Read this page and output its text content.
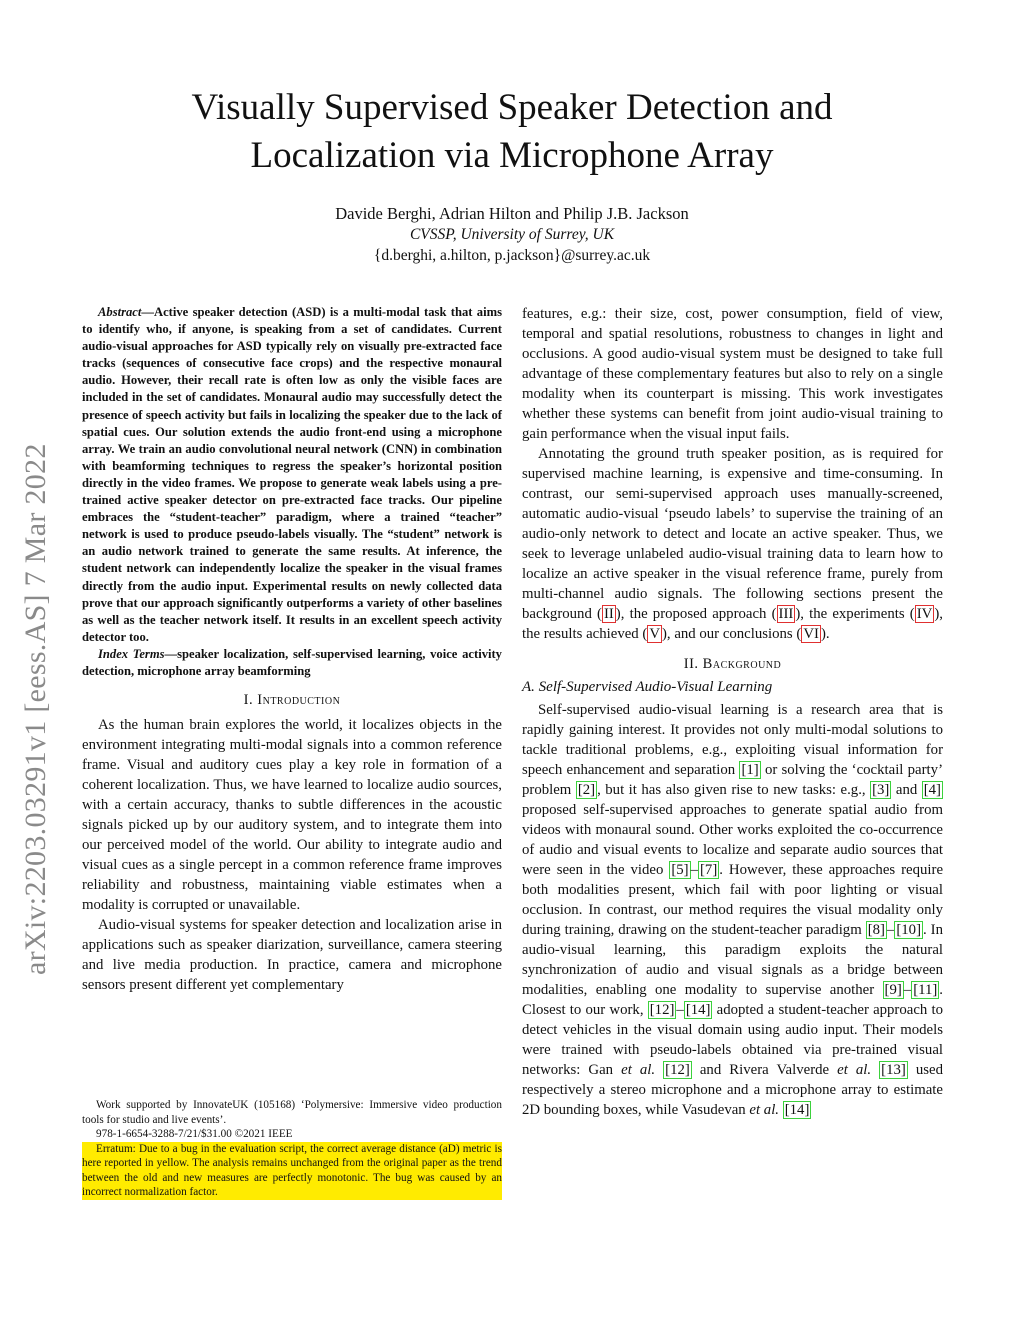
arXiv:2203.03291v1 [eess.AS] 7 Mar 2022
Visually Supervised Speaker Detection and
Localization via Microphone Array
Davide Berghi, Adrian Hilton and Philip J.B. Jackson
CVSSP, University of Surrey, UK
{d.berghi, a.hilton, p.jackson}@surrey.ac.uk

Abstract—Active speaker detection (ASD) is a multi-modal task that aims to identify who, if anyone, is speaking from a set of candidates. Current audio-visual approaches for ASD typically rely on visually pre-extracted face tracks (sequences of consecutive face crops) and the respective monaural audio. However, their recall rate is often low as only the visible faces are included in the set of candidates. Monaural audio may successfully detect the presence of speech activity but fails in localizing the speaker due to the lack of spatial cues. Our solution extends the audio front-end using a microphone array. We train an audio convolutional neural network (CNN) in combination with beamforming techniques to regress the speaker’s horizontal position directly in the video frames. We propose to generate weak labels using a pre-trained active speaker detector on pre-extracted face tracks. Our pipeline embraces the “student-teacher” paradigm, where a trained “teacher” network is used to produce pseudo-labels visually. The “student” network is an audio network trained to generate the same results. At inference, the student network can independently localize the speaker in the visual frames directly from the audio input. Experimental results on newly collected data prove that our approach significantly outperforms a variety of other baselines as well as the teacher network itself. It results in an excellent speech activity detector too.

Index Terms—speaker localization, self-supervised learning, voice activity detection, microphone array beamforming

I. Introduction

As the human brain explores the world, it localizes objects in the environment integrating multi-modal signals into a common reference frame. Visual and auditory cues play a key role in formation of a coherent localization. Thus, we have learned to localize audio sources, with a certain accuracy, thanks to subtle differences in the acoustic signals picked up by our auditory system, and to integrate them into our perceived model of the world. Our ability to integrate audio and visual cues as a single percept in a common reference frame improves reliability and robustness, maintaining viable estimates when a modality is corrupted or unavailable.

Audio-visual systems for speaker detection and localization arise in applications such as speaker diarization, surveillance, camera steering and live media production. In practice, camera and microphone sensors present different yet complementary

Work supported by InnovateUK (105168) ‘Polymersive: Immersive video production tools for studio and live events’.

978-1-6654-3288-7/21/$31.00 ©2021 IEEE

Erratum: Due to a bug in the evaluation script, the correct average distance (aD) metric is here reported in yellow. The analysis remains unchanged from the original paper as the trend between the old and new measures are perfectly monotonic. The bug was caused by an incorrect normalization factor.

features, e.g.: their size, cost, power consumption, field of view, temporal and spatial resolutions, robustness to changes in light and occlusions. A good audio-visual system must be designed to take full advantage of these complementary features but also to rely on a single modality when its counterpart is missing. This work investigates whether these systems can benefit from joint audio-visual training to gain performance when the visual input fails.

Annotating the ground truth speaker position, as is required for supervised machine learning, is expensive and time-consuming. In contrast, our semi-supervised approach uses manually-screened, automatic audio-visual ‘pseudo labels’ to supervise the training of an audio-only network to detect and locate an active speaker. Thus, we seek to leverage unlabeled audio-visual training data to learn how to localize an active speaker in the visual reference frame, purely from multi-channel audio signals. The following sections present the background ( II ), the proposed approach ( III ), the experiments ( IV ), the results achieved ( V ), and our conclusions ( VI ).

II. Background
A. Self-Supervised Audio-Visual Learning

Self-supervised audio-visual learning is a research area that is rapidly gaining interest. It provides not only multi-modal solutions to tackle traditional problems, e.g., exploiting visual information for speech enhancement and separation [1] or solving the ‘cocktail party’ problem [2] , but it has also given rise to new tasks: e.g., [3] and [4] proposed self-supervised approaches to generate spatial audio from videos with monaural sound. Other works exploited the co-occurrence of audio and visual events to localize and separate audio sources that were seen in the video [5] – [7] . However, these approaches require both modalities present, which fail with poor lighting or visual occlusion. In contrast, our method requires the visual modality only during training, drawing on the student-teacher paradigm [8] – [10] . In audio-visual learning, this paradigm exploits the natural synchronization of audio and visual signals as a bridge between modalities, enabling one modality to supervise another [9] – [11] . Closest to our work, [12] – [14] adopted a student-teacher approach to detect vehicles in the visual domain using audio input. Their models were trained with pseudo-labels obtained via pre-trained visual networks: Gan et al. [12] and Rivera Valverde et al. [13] used respectively a stereo microphone and a microphone array to estimate 2D bounding boxes, while Vasudevan et al. [14]
